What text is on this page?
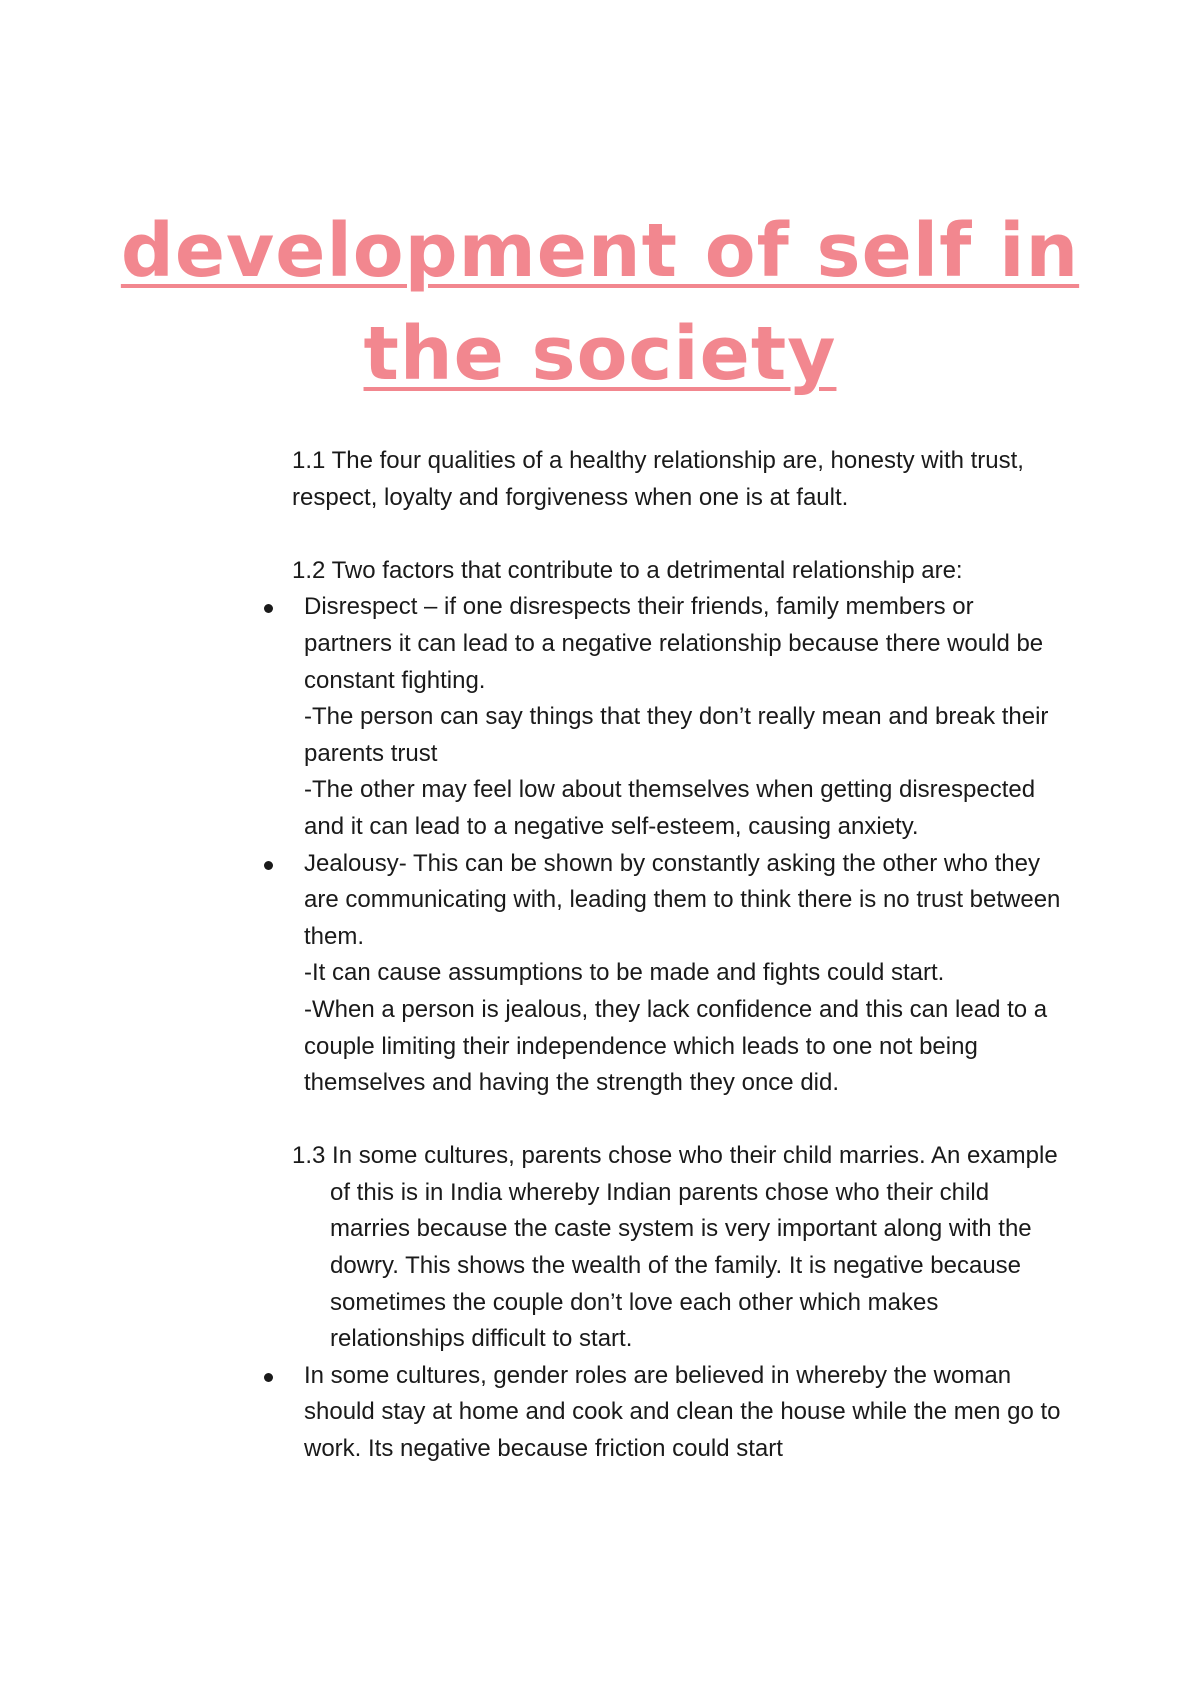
development of self in
the society

1.1 The four qualities of a healthy relationship are, honesty with trust, respect, loyalty and forgiveness when one is at fault.

1.2 Two factors that contribute to a detrimental relationship are:

Disrespect – if one disrespects their friends, family members or partners it can lead to a negative relationship because there would be constant fighting.
-The person can say things that they don’t really mean and break their parents trust
-The other may feel low about themselves when getting disrespected and it can lead to a negative self-esteem, causing anxiety.
Jealousy- This can be shown by constantly asking the other who they are communicating with, leading them to think there is no trust between them.
-It can cause assumptions to be made and fights could start.
-When a person is jealous, they lack confidence and this can lead to a couple limiting their independence which leads to one not being themselves and having the strength they once did.

1.3 In some cultures, parents chose who their child marries. An example of this is in India whereby Indian parents chose who their child marries because the caste system is very important along with the dowry. This shows the wealth of the family. It is negative because sometimes the couple don’t love each other which makes relationships difficult to start.

In some cultures, gender roles are believed in whereby the woman should stay at home and cook and clean the house while the men go to work. Its negative because friction could start
